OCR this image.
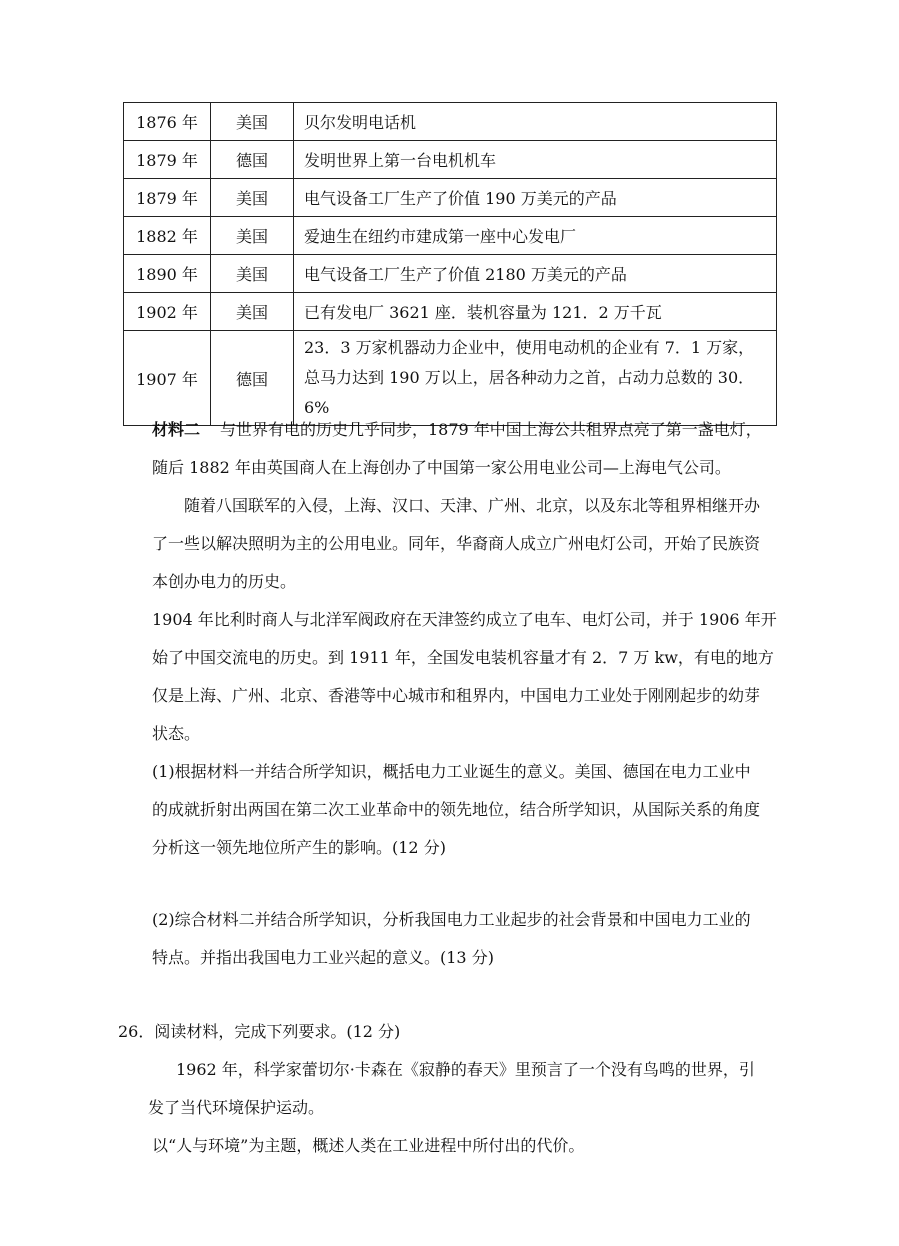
1876 年	美国	贝尔发明电话机
1879 年	德国	发明世界上第一台电机机车
1879 年	美国	电气设备工厂生产了价值 190 万美元的产品
1882 年	美国	爱迪生在纽约市建成第一座中心发电厂
1890 年	美国	电气设备工厂生产了价值 2180 万美元的产品
1902 年	美国	已有发电厂 3621 座．装机容量为 121．2 万千瓦
1907 年	德国	23．3 万家机器动力企业中，使用电动机的企业有 7．1 万家，
总马力达到 190 万以上，居各种动力之首，占动力总数的 30．6%

材料二 与世界有电的历史几乎同步，1879 年中国上海公共租界点亮了第一盏电灯，

随后 1882 年由英国商人在上海创办了中国第一家公用电业公司—上海电气公司。

随着八国联军的入侵，上海、汉口、天津、广州、北京，以及东北等租界相继开办

了一些以解决照明为主的公用电业。同年，华裔商人成立广州电灯公司，开始了民族资

本创办电力的历史。

1904 年比利时商人与北洋军阀政府在天津签约成立了电车、电灯公司，并于 1906 年开

始了中国交流电的历史。到 1911 年，全国发电装机容量才有 2．7 万 kw，有电的地方

仅是上海、广州、北京、香港等中心城市和租界内，中国电力工业处于刚刚起步的幼芽

状态。

(1)根据材料一并结合所学知识，概括电力工业诞生的意义。美国、德国在电力工业中

的成就折射出两国在第二次工业革命中的领先地位，结合所学知识，从国际关系的角度

分析这一领先地位所产生的影响。(12 分)

(2)综合材料二并结合所学知识，分析我国电力工业起步的社会背景和中国电力工业的

特点。并指出我国电力工业兴起的意义。(13 分)

26．阅读材料，完成下列要求。(12 分)

1962 年，科学家蕾切尔·卡森在《寂静的春天》里预言了一个没有鸟鸣的世界，引

发了当代环境保护运动。

以“人与环境”为主题，概述人类在工业进程中所付出的代价。
